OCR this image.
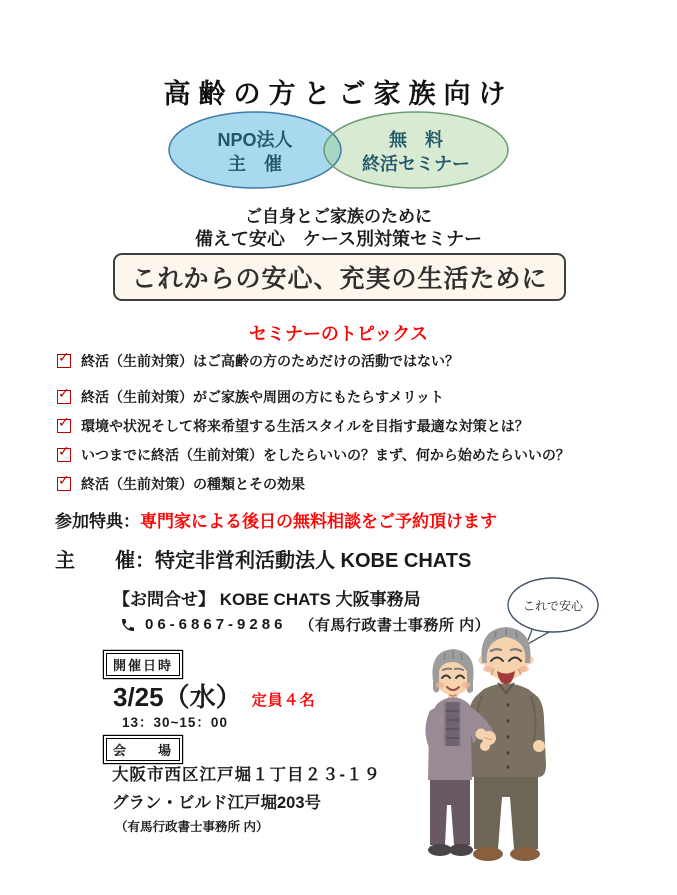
高齢の方とご家族向け
NPO法人
主　催
無　料
終活セミナー
ご自身とご家族のために
備えて安心　ケース別対策セミナー
これからの安心、充実の生活ために
セミナーのトピックス
✓
終活（生前対策）はご高齢の方のためだけの活動ではない？
✓
終活（生前対策）がご家族や周囲の方にもたらすメリット
✓
環境や状況そして将来希望する生活スタイルを目指す最適な対策とは？
✓
いつまでに終活（生前対策）をしたらいいの？まず、何から始めたらいいの？
✓
終活（生前対策）の種類とその効果
参加特典：専門家による後日の無料相談をご予約頂けます
主　　催：特定非営利活動法人 KOBE CHATS
【お問合せ】 KOBE CHATS 大阪事務局
06-6867-9286 （有馬行政書士事務所 内）
開催日時
3/25（水） 定員４名
13：30~15：00
会　　場
大阪市西区江戸堀１丁目２３-１９
グラン・ビルド江戸堀203号
（有馬行政書士事務所 内）
これで安心
